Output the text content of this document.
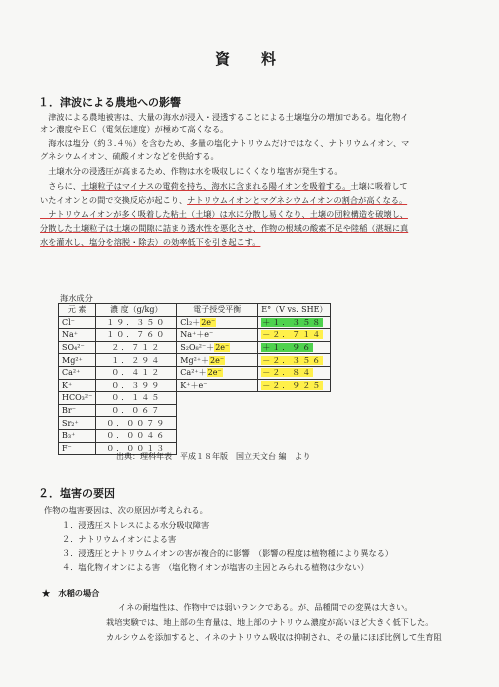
資　料
１．津波による農地への影響
　津波による農地被害は、大量の海水が浸入・浸透することによる土壌塩分の増加である。塩化物イ
オン濃度やＥＣ（電気伝達度）が極めて高くなる。
　海水は塩分（約３.４％）を含むため、多量の塩化ナトリウムだけではなく、ナトリウムイオン、マ
グネシウムイオン、硫酸イオンなどを供給する。
　土壌水分の浸透圧が高まるため、作物は水を吸収しにくくなり塩害が発生する。
　さらに、土壌粒子はマイナスの電荷を持ち、海水に含まれる陽イオンを吸着する。土壌に吸着して
いたイオンとの間で交換反応が起こり、ナトリウムイオンとマグネシウムイオンの割合が高くなる。
　ナトリウムイオンが多く吸着した粘土（土壌）は水に分散し易くなり、土壌の団粒構造を破壊し、
分散した土壌粒子は土壌の間隙に詰まり透水性を悪化させ、作物の根域の酸素不足や陸稲（湛堀に真
水を灌水し、塩分を溶脱・除去）の効率低下を引き起こす。
海水成分
元 素	濃 度（g/kg）	電子授受平衡	E°（V vs. SHE）
Cl⁻	１９．３５０	Cl₂＋2e⁻	＋１．３５８
Na⁺	１０．７６０	Na⁺＋e⁻	－２．７１４
SO₄²⁻	２．７１２	S₂O₈²⁻＋2e⁻	＋１．９６
Mg²⁺	１．２９４	Mg²⁺＋2e⁻	－２．３５６
Ca²⁺	０．４１２	Ca²⁺＋2e⁻	－２．８４
K⁺	０．３９９	K⁺＋e⁻	－２．９２５
HCO₃²⁻	０．１４５		
Br⁻	０．０６７		
Sr₂⁺	０．００７９		
B₃⁺	０．００４６		
F⁻	０．００１３		
出典：理科年表　平成１８年版　国立天文台 編　より
２．塩害の要因
作物の塩害要因は、次の原因が考えられる。
１．浸透圧ストレスによる水分吸収障害
２．ナトリウムイオンによる害
３．浸透圧とナトリウムイオンの害が複合的に影響　（影響の程度は植物種により異なる）
４．塩化物イオンによる害　（塩化物イオンが塩害の主因とみられる植物は少ない）
★　水稲の場合
イネの耐塩性は、作物中では弱いランクである。が、品種間での変異は大きい。
栽培実験では、地上部の生育量は、地上部のナトリウム濃度が高いほど大きく低下した。
カルシウムを添加すると、イネのナトリウム吸収は抑制され、その量にほぼ比例して生育阻
